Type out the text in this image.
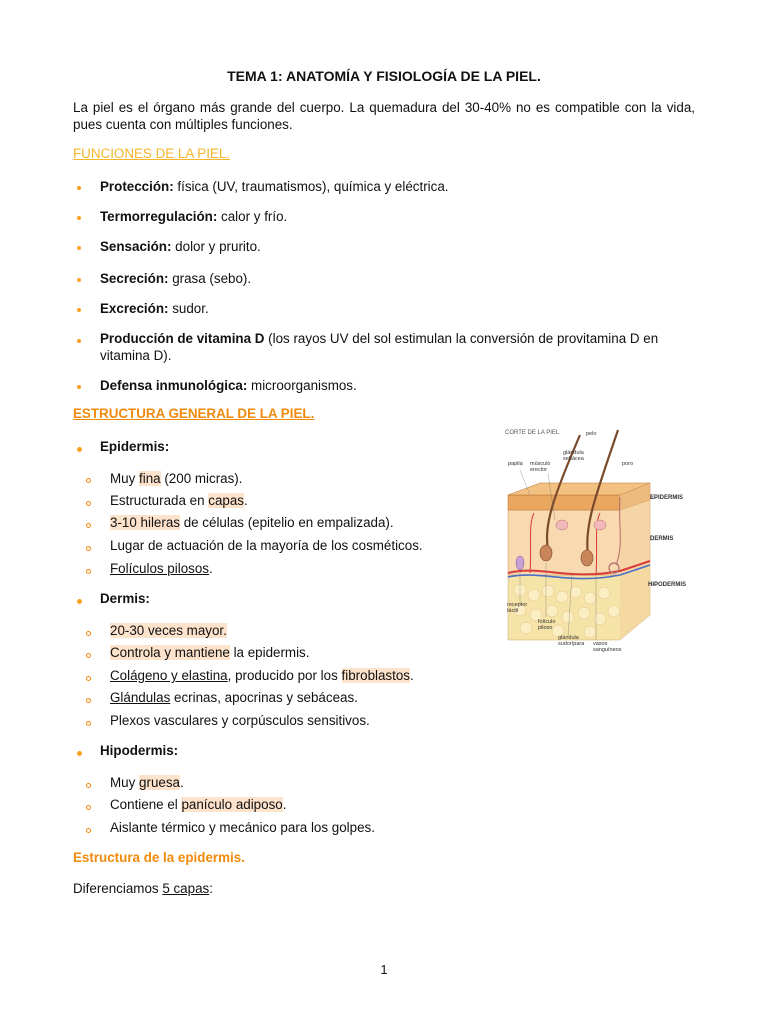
TEMA 1: ANATOMÍA Y FISIOLOGÍA DE LA PIEL.
La piel es el órgano más grande del cuerpo. La quemadura del 30-40% no es compatible con la vida, pues cuenta con múltiples funciones.
FUNCIONES DE LA PIEL.
Protección: física (UV, traumatismos), química y eléctrica.
Termorregulación: calor y frío.
Sensación: dolor y prurito.
Secreción: grasa (sebo).
Excreción: sudor.
Producción de vitamina D (los rayos UV del sol estimulan la conversión de provitamina D en vitamina D).
Defensa inmunológica: microorganismos.
ESTRUCTURA GENERAL DE LA PIEL.
Epidermis:
Muy fina (200 micras).
Estructurada en capas.
3-10 hileras de células (epitelio en empalizada).
Lugar de actuación de la mayoría de los cosméticos.
Folículos pilosos.
Dermis:
20-30 veces mayor.
Controla y mantiene la epidermis.
Colágeno y elastina, producido por los fibroblastos.
Glándulas ecrinas, apocrinas y sebáceas.
Plexos vasculares y corpúsculos sensitivos.
Hipodermis:
Muy gruesa.
Contiene el panículo adiposo.
Aislante térmico y mecánico para los golpes.
CORTE DE LA PIEL	pelo
glándula sebácea
papila músculo erector
poro
EPIDERMIS
DERMIS
HIPODERMIS
receptor táctil
folículo piloso
glándula sudorípara	vasos sanguíneos
Estructura de la epidermis.
Diferenciamos 5 capas:
1
